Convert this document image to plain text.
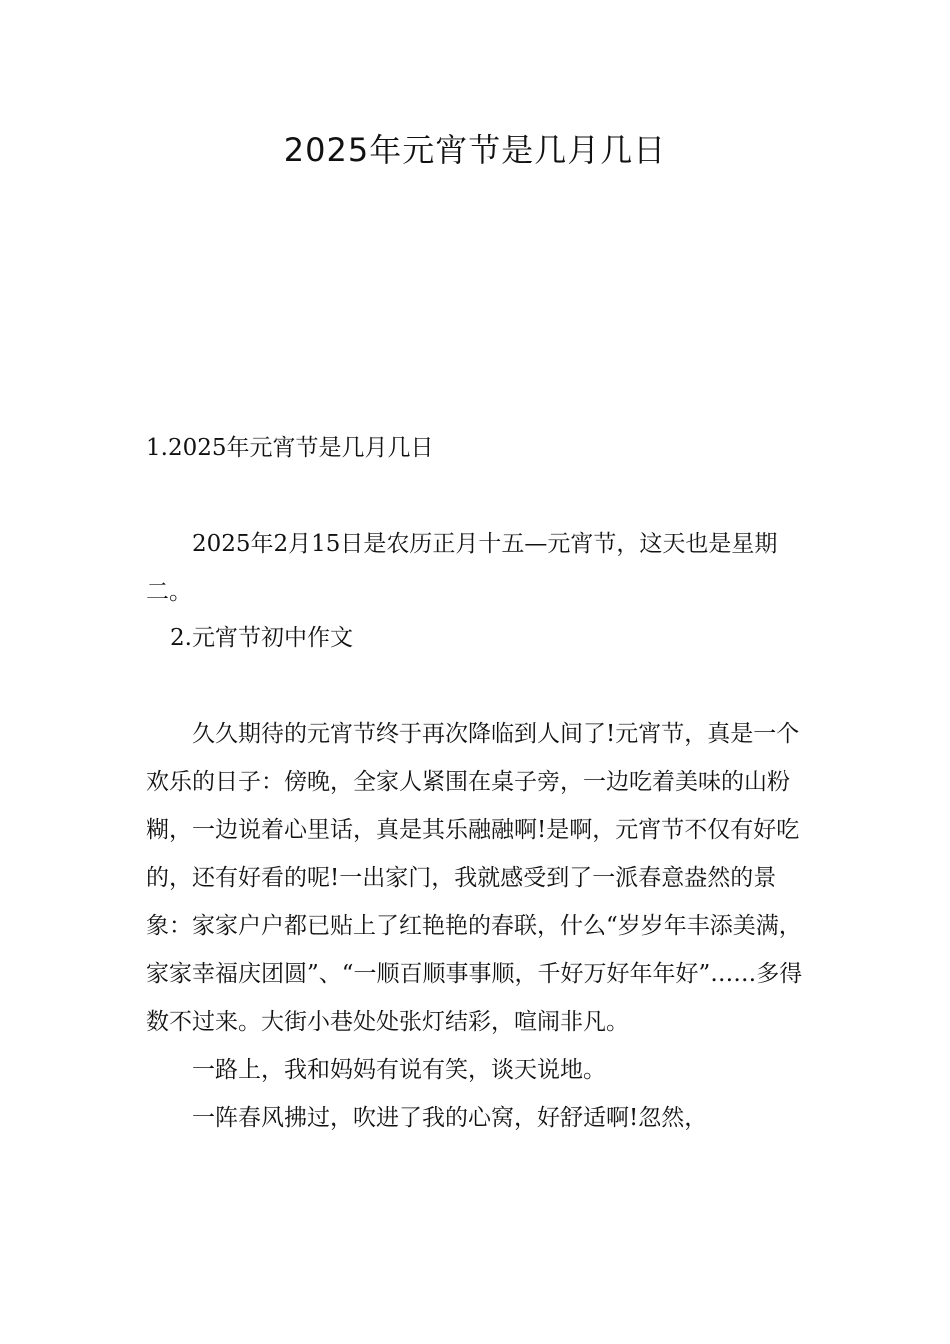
2025年元宵节是几月几日

1.2025年元宵节是几月几日

2025年2月15日是农历正月十五—元宵节，这天也是星期二。

2.元宵节初中作文

久久期待的元宵节终于再次降临到人间了!元宵节，真是一个欢乐的日子：傍晚，全家人紧围在桌子旁，一边吃着美味的山粉糊，一边说着心里话，真是其乐融融啊!是啊，元宵节不仅有好吃的，还有好看的呢!一出家门，我就感受到了一派春意盎然的景象：家家户户都已贴上了红艳艳的春联，什么“岁岁年丰添美满，家家幸福庆团圆”、“一顺百顺事事顺，千好万好年年好”……多得数不过来。大街小巷处处张灯结彩，喧闹非凡。

一路上，我和妈妈有说有笑，谈天说地。

一阵春风拂过，吹进了我的心窝，好舒适啊!忽然，
